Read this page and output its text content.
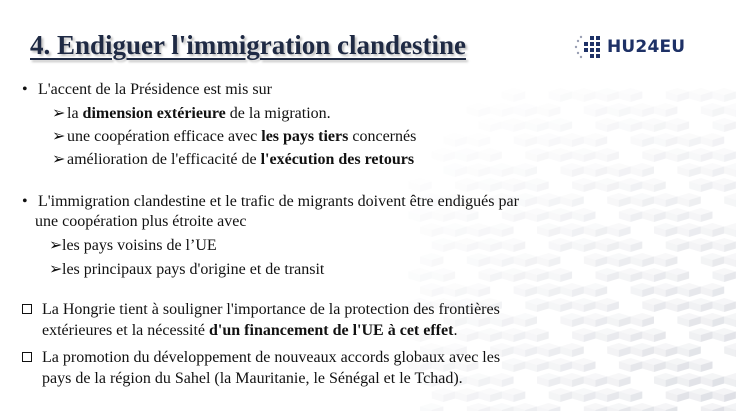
4. Endiguer l'immigration clandestine	HU24EU
• L'accent de la Présidence est mis sur
➢la dimension extérieure de la migration.
➢une coopération efficace avec les pays tiers concernés
➢amélioration de l'efficacité de l'exécution des retours
• L'immigration clandestine et le trafic de migrants doivent être endigués par
une coopération plus étroite avec
➢les pays voisins de l’UE
➢les principaux pays d'origine et de transit
La Hongrie tient à souligner l'importance de la protection des frontières
extérieures et la nécessité d'un financement de l'UE à cet effet.
La promotion du développement de nouveaux accords globaux avec les
pays de la région du Sahel (la Mauritanie, le Sénégal et le Tchad).
